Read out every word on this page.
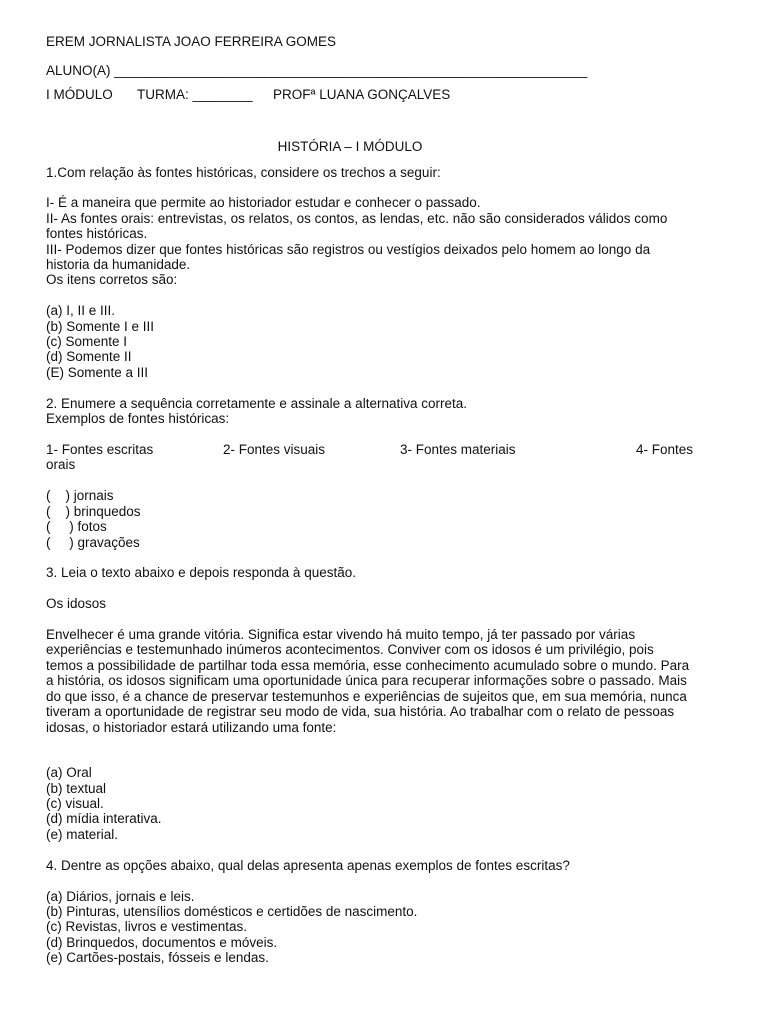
EREM JORNALISTA JOAO FERREIRA GOMES
ALUNO(A) _______________________________________________________________
I MÓDULO TURMA: ________ PROFª LUANA GONÇALVES
HISTÓRIA – I MÓDULO
1.Com relação às fontes históricas, considere os trechos a seguir:
I- É a maneira que permite ao historiador estudar e conhecer o passado.
II- As fontes orais: entrevistas, os relatos, os contos, as lendas, etc. não são considerados válidos como
fontes históricas.
III- Podemos dizer que fontes históricas são registros ou vestígios deixados pelo homem ao longo da
historia da humanidade.
Os itens corretos são:
(a) I, II e III.
(b) Somente I e III
(c) Somente I
(d) Somente II
(E) Somente a III
2. Enumere a sequência corretamente e assinale a alternativa correta.
Exemplos de fontes históricas:
1- Fontes escritas	2- Fontes visuais	3- Fontes materiais	4- Fontes
orais
(    ) jornais
(    ) brinquedos
(     ) fotos
(     ) gravações
3. Leia o texto abaixo e depois responda à questão.
Os idosos
Envelhecer é uma grande vitória. Significa estar vivendo há muito tempo, já ter passado por várias
experiências e testemunhado inúmeros acontecimentos. Conviver com os idosos é um privilégio, pois
temos a possibilidade de partilhar toda essa memória, esse conhecimento acumulado sobre o mundo. Para
a história, os idosos significam uma oportunidade única para recuperar informações sobre o passado. Mais
do que isso, é a chance de preservar testemunhos e experiências de sujeitos que, em sua memória, nunca
tiveram a oportunidade de registrar seu modo de vida, sua história. Ao trabalhar com o relato de pessoas
idosas, o historiador estará utilizando uma fonte:
(a) Oral
(b) textual
(c) visual.
(d) mídia interativa.
(e) material.
4. Dentre as opções abaixo, qual delas apresenta apenas exemplos de fontes escritas?
(a) Diários, jornais e leis.
(b) Pinturas, utensílios domésticos e certidões de nascimento.
(c) Revistas, livros e vestimentas.
(d) Brinquedos, documentos e móveis.
(e) Cartões-postais, fósseis e lendas.
